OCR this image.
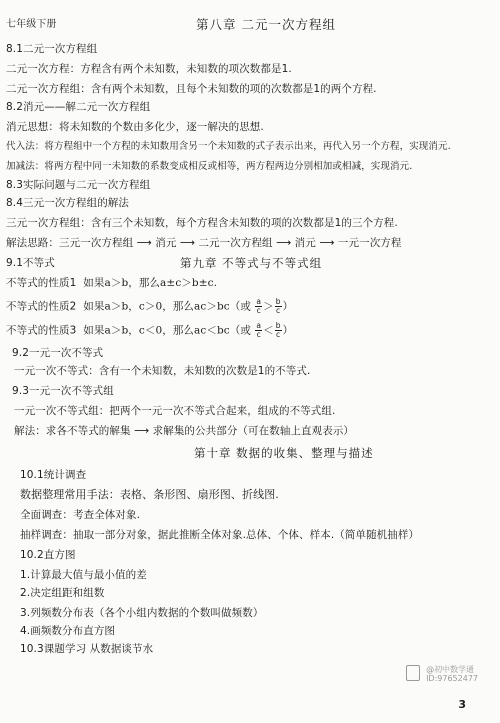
七年级下册	第八章 二元一次方程组
8.1二元一次方程组
二元一次方程：方程含有两个未知数，未知数的项次数都是1.
二元一次方程组：含有两个未知数，且每个未知数的项的次数都是1的两个方程.
8.2消元——解二元一次方程组
消元思想：将未知数的个数由多化少，逐一解决的思想.
代入法：将方程组中一个方程的未知数用含另一个未知数的式子表示出来，再代入另一个方程，实现消元.
加减法：将两方程中同一未知数的系数变成相反或相等，两方程两边分别相加或相减，实现消元.
8.3实际问题与二元一次方程组
8.4三元一次方程组的解法
三元一次方程组：含有三个未知数，每个方程含未知数的项的次数都是1的三个方程.
解法思路：三元一次方程组 ⟶ 消元 ⟶ 二元一次方程组 ⟶ 消元 ⟶ 一元一次方程
第九章 不等式与不等式组
9.1不等式
不等式的性质1 如果a＞b，那么a±c＞b±c.
不等式的性质2 如果a＞b，c＞0，那么ac＞bc（或 $\frac{a}{c} > \frac{b}{c}$ ）
不等式的性质3 如果a＞b，c＜0，那么ac＜bc（或 $\frac{a}{c} < \frac{b}{c}$ ）
9.2一元一次不等式
一元一次不等式：含有一个未知数，未知数的次数是1的不等式.
9.3一元一次不等式组
一元一次不等式组：把两个一元一次不等式合起来，组成的不等式组.
解法：求各不等式的解集 ⟶ 求解集的公共部分（可在数轴上直观表示）
第十章 数据的收集、整理与描述
10.1统计调查
数据整理常用手法：表格、条形图、扇形图、折线图.
全面调查：考查全体对象.
抽样调查：抽取一部分对象，据此推断全体对象.总体、个体、样本.（简单随机抽样）
10.2直方图
1.计算最大值与最小值的差
2.决定组距和组数
3.列频数分布表（各个小组内数据的个数叫做频数）
4.画频数分布直方图
10.3课题学习 从数据谈节水
@初中数学通
ID:97652477
3
